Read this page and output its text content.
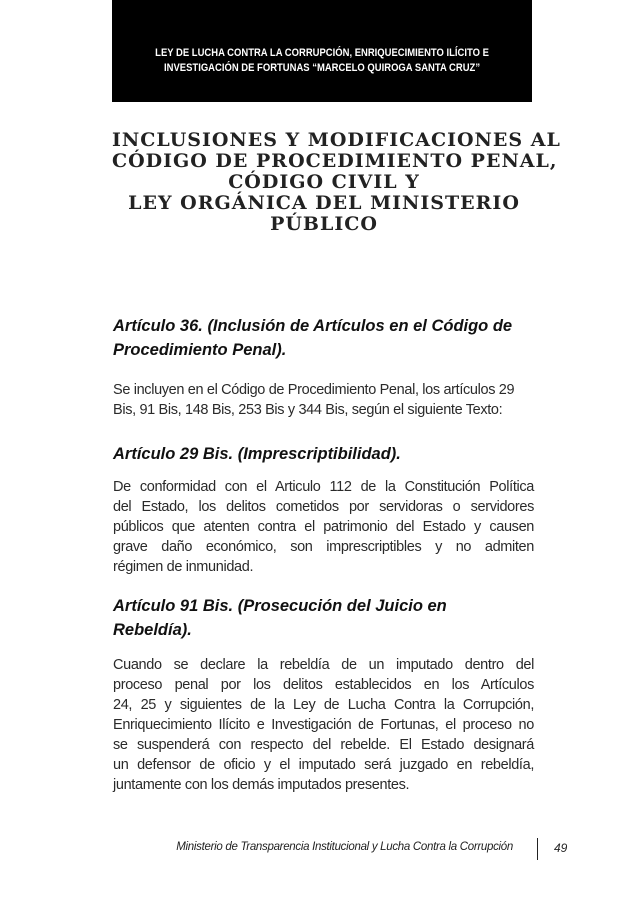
LEY DE LUCHA CONTRA LA CORRUPCIÓN, ENRIQUECIMIENTO ILÍCITO E
INVESTIGACIÓN DE FORTUNAS “MARCELO QUIROGA SANTA CRUZ”
INCLUSIONES Y MODIFICACIONES AL
CÓDIGO DE PROCEDIMIENTO PENAL,
CÓDIGO CIVIL Y
LEY ORGÁNICA DEL MINISTERIO
PÚBLICO
Artículo 36. (Inclusión de Artículos en el Código de
Procedimiento Penal).

Se incluyen en el Código de Procedimiento Penal, los artículos 29
Bis, 91 Bis, 148 Bis, 253 Bis y 344 Bis, según el siguiente Texto:

Artículo 29 Bis. (Imprescriptibilidad).

De conformidad con el Articulo 112 de la Constitución Política
del Estado, los delitos cometidos por servidoras o servidores
públicos que atenten contra el patrimonio del Estado y causen
grave daño económico, son imprescriptibles y no admiten
régimen de inmunidad.

Artículo 91 Bis. (Prosecución del Juicio en
Rebeldía).

Cuando se declare la rebeldía de un imputado dentro del
proceso penal por los delitos establecidos en los Artículos
24, 25 y siguientes de la Ley de Lucha Contra la Corrupción,
Enriquecimiento Ilícito e Investigación de Fortunas, el proceso no
se suspenderá con respecto del rebelde. El Estado designará
un defensor de oficio y el imputado será juzgado en rebeldía,
juntamente con los demás imputados presentes.

Ministerio de Transparencia Institucional y Lucha Contra la Corrupción	49
